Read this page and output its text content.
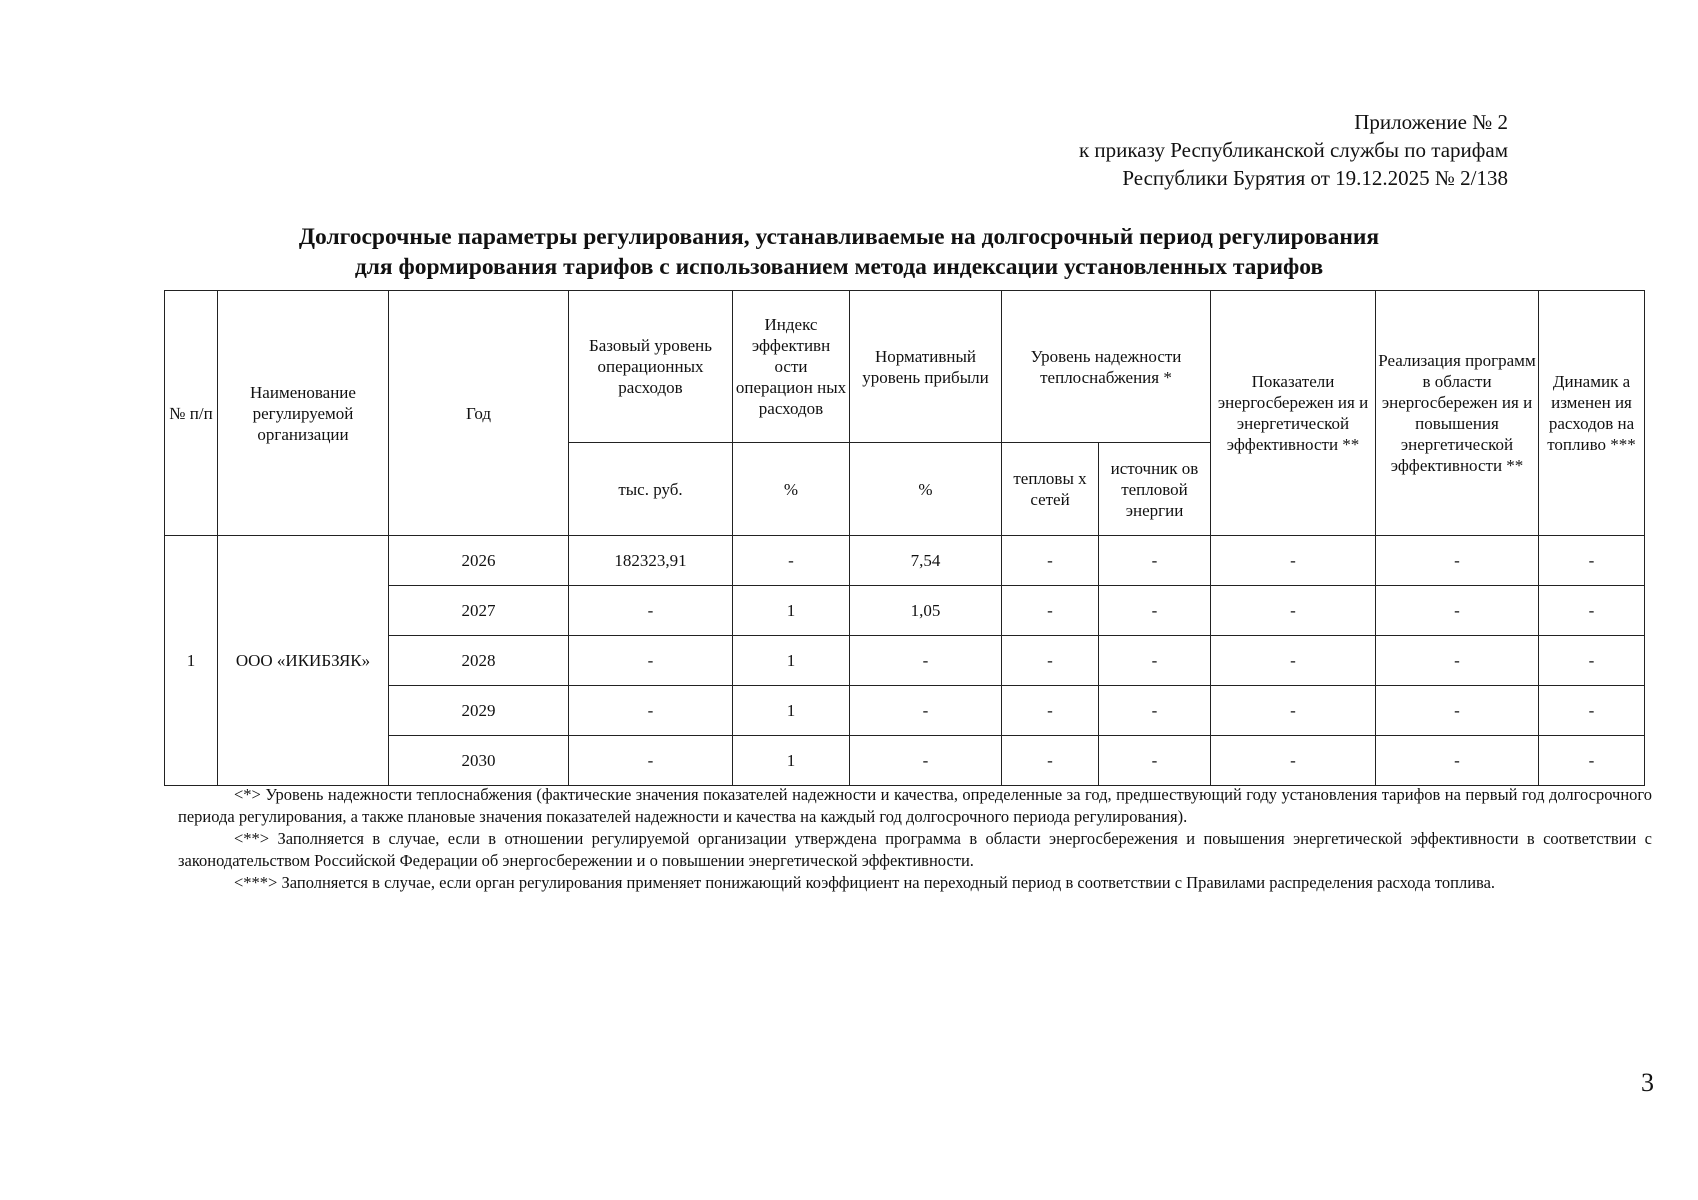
Приложение № 2
к приказу Республиканской службы по тарифам
Республики Бурятия от 19.12.2025 № 2/138
Долгосрочные параметры регулирования, устанавливаемые на долгосрочный период регулирования
для формирования тарифов с использованием метода индексации установленных тарифов
№ п/п	Наименование регулируемой организации	Год	Базовый уровень операционных расходов	Индекс эффективн ости операцион ных расходов	Нормативный уровень прибыли	Уровень надежности теплоснабжения *		Показатели энергосбережен ия и энергетической эффективности **	Реализация программ в области энергосбережен ия и повышения энергетической эффективности **	Динамик а изменен ия расходов на топливо ***
			тыс. руб.	%	%	тепловы х сетей	источник ов тепловой энергии			
1	ООО «ИКИБЗЯК»	2026	182323,91	-	7,54	-	-	-	-	-
		2027	-	1	1,05	-	-	-	-	-
		2028	-	1	-	-	-	-	-	-
		2029	-	1	-	-	-	-	-	-
		2030	-	1	-	-	-	-	-	-

<*> Уровень надежности теплоснабжения (фактические значения показателей надежности и качества, определенные за год, предшествующий году установления тарифов на первый год долгосрочного периода регулирования, а также плановые значения показателей надежности и качества на каждый год долгосрочного периода регулирования).

<**> Заполняется в случае, если в отношении регулируемой организации утверждена программа в области энергосбережения и повышения энергетической эффективности в соответствии с законодательством Российской Федерации об энергосбережении и о повышении энергетической эффективности.

<***> Заполняется в случае, если орган регулирования применяет понижающий коэффициент на переходный период в соответствии с Правилами распределения расхода топлива.

3
